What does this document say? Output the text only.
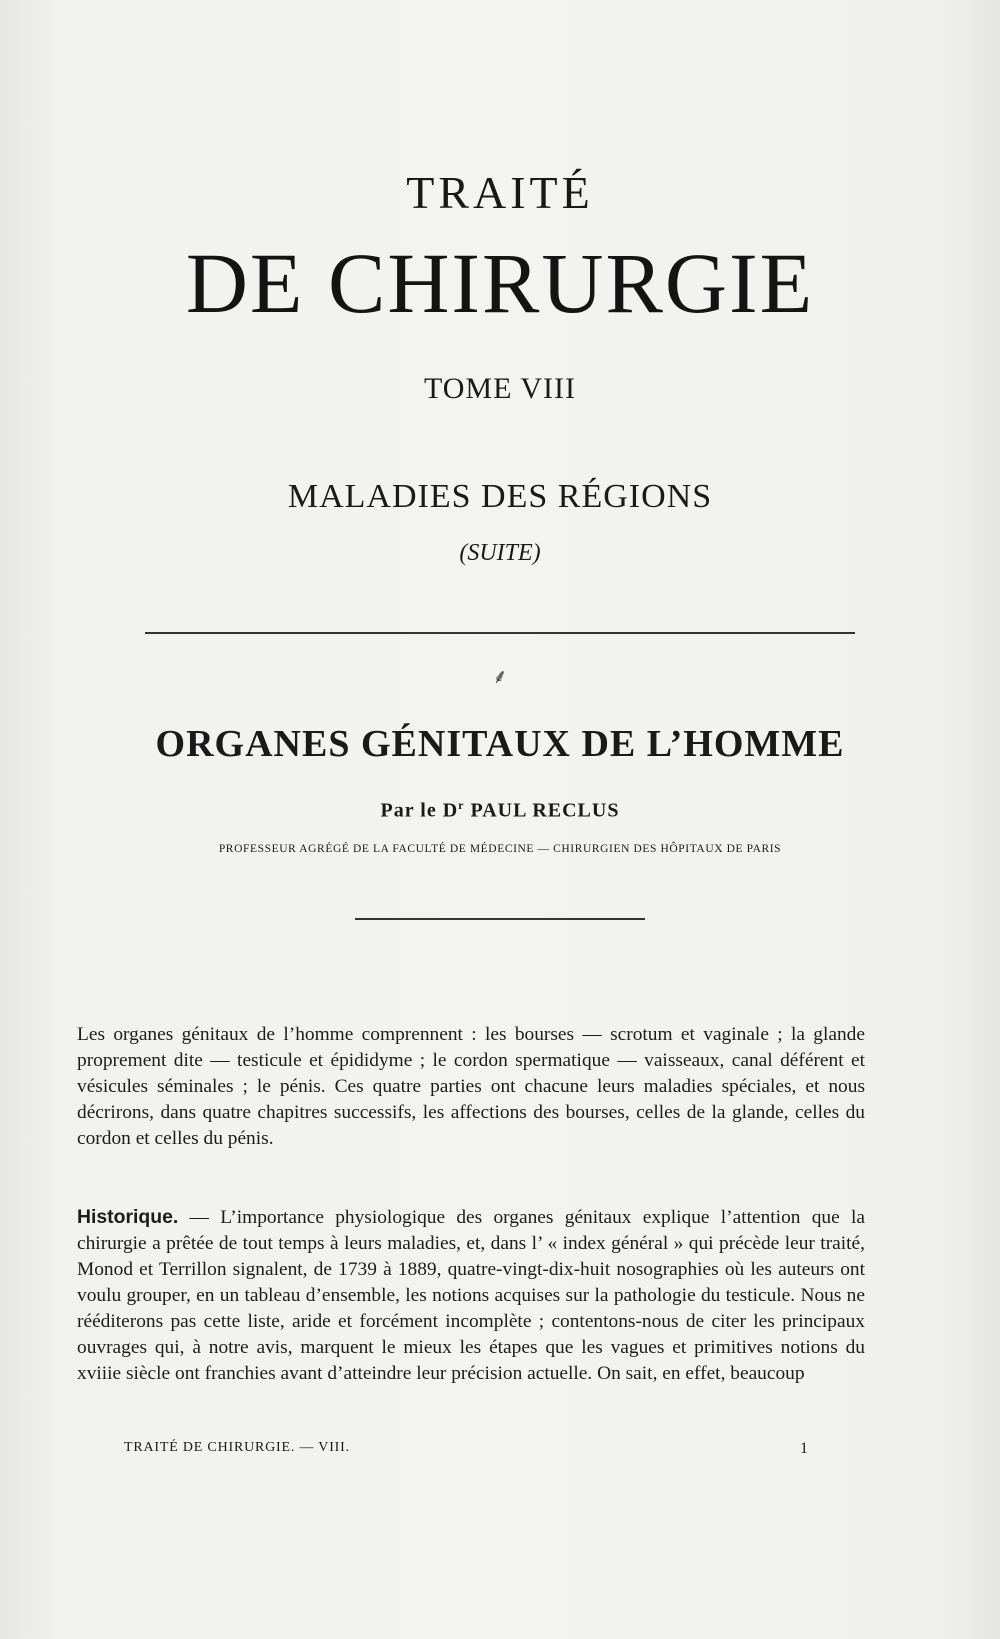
TRAITÉ
DE CHIRURGIE
TOME VIII
MALADIES DES RÉGIONS
(SUITE)
⸙
ORGANES GÉNITAUX DE L’HOMME
Par le $D^r$ PAUL RECLUS
PROFESSEUR AGRÉGÉ DE LA FACULTÉ DE MÉDECINE — CHIRURGIEN DES HÔPITAUX DE PARIS

Les organes génitaux de l’homme comprennent : les bourses — scrotum et vaginale ; la glande proprement dite — testicule et épididyme ; le cordon spermatique — vaisseaux, canal déférent et vésicules séminales ; le pénis. Ces quatre parties ont chacune leurs maladies spéciales, et nous décrirons, dans quatre chapitres successifs, les affections des bourses, celles de la glande, celles du cordon et celles du pénis.

Historique. — L’importance physiologique des organes génitaux explique l’attention que la chirurgie a prêtée de tout temps à leurs maladies, et, dans l’ « index général » qui précède leur traité, Monod et Terrillon signalent, de 1739 à 1889, quatre-vingt-dix-huit nosographies où les auteurs ont voulu grouper, en un tableau d’ensemble, les notions acquises sur la pathologie du testicule. Nous ne rééditerons pas cette liste, aride et forcément incomplète ; contentons-nous de citer les principaux ouvrages qui, à notre avis, marquent le mieux les étapes que les vagues et primitives notions du xviiie siècle ont franchies avant d’atteindre leur précision actuelle. On sait, en effet, beaucoup

TRAITÉ DE CHIRURGIE. — VIII.	1
